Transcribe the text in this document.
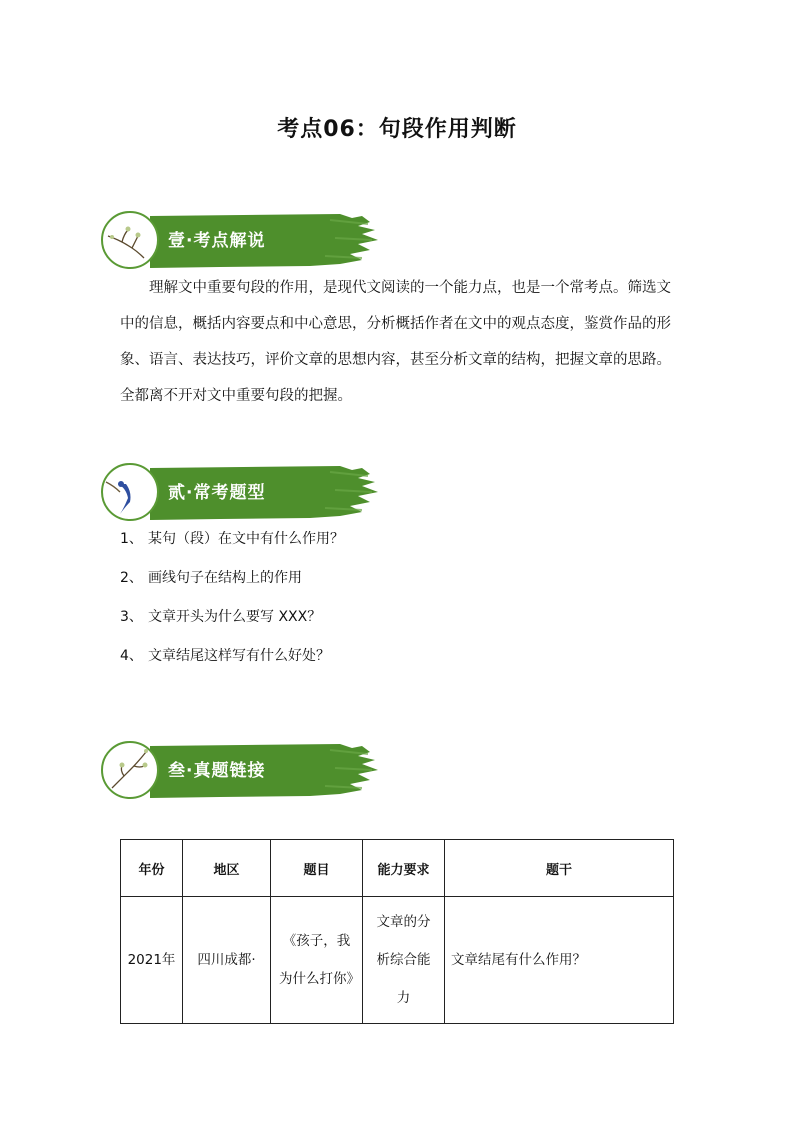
考点06：句段作用判断
壹·考点解说

理解文中重要句段的作用，是现代文阅读的一个能力点，也是一个常考点。筛选文中的信息，概括内容要点和中心意思，分析概括作者在文中的观点态度，鉴赏作品的形象、语言、表达技巧，评价文章的思想内容，甚至分析文章的结构，把握文章的思路。全都离不开对文中重要句段的把握。

贰·常考题型
1、 某句（段）在文中有什么作用？
2、 画线句子在结构上的作用
3、 文章开头为什么要写 XXX？
4、 文章结尾这样写有什么好处？
叁·真题链接
年份	地区	题目	能力要求	题干
2021年	四川成都·	《孩子，我为什么打你》	文章的分析综合能力	文章结尾有什么作用？
